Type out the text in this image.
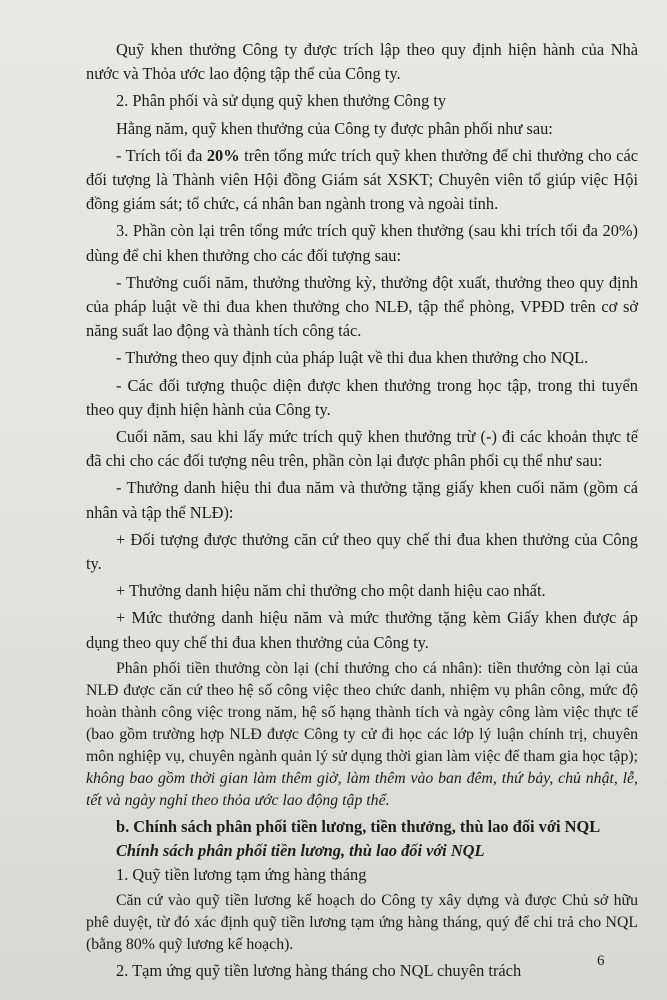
Quỹ khen thưởng Công ty được trích lập theo quy định hiện hành của Nhà nước và Thỏa ước lao động tập thể của Công ty.

2. Phân phối và sử dụng quỹ khen thưởng Công ty

Hằng năm, quỹ khen thưởng của Công ty được phân phối như sau:

- Trích tối đa 20% trên tổng mức trích quỹ khen thưởng để chi thưởng cho các đối tượng là Thành viên Hội đồng Giám sát XSKT; Chuyên viên tổ giúp việc Hội đồng giám sát; tổ chức, cá nhân ban ngành trong và ngoài tỉnh.

3. Phần còn lại trên tổng mức trích quỹ khen thưởng (sau khi trích tối đa 20%) dùng để chi khen thưởng cho các đối tượng sau:

- Thưởng cuối năm, thưởng thường kỳ, thưởng đột xuất, thưởng theo quy định của pháp luật về thi đua khen thưởng cho NLĐ, tập thể phòng, VPĐD trên cơ sở năng suất lao động và thành tích công tác.

- Thưởng theo quy định của pháp luật về thi đua khen thưởng cho NQL.

- Các đối tượng thuộc diện được khen thưởng trong học tập, trong thi tuyển theo quy định hiện hành của Công ty.

Cuối năm, sau khi lấy mức trích quỹ khen thưởng trừ (-) đi các khoản thực tế đã chi cho các đối tượng nêu trên, phần còn lại được phân phối cụ thể như sau:

- Thưởng danh hiệu thi đua năm và thưởng tặng giấy khen cuối năm (gồm cá nhân và tập thể NLĐ):

+ Đối tượng được thưởng căn cứ theo quy chế thi đua khen thưởng của Công ty.

+ Thưởng danh hiệu năm chỉ thưởng cho một danh hiệu cao nhất.

+ Mức thưởng danh hiệu năm và mức thưởng tặng kèm Giấy khen được áp dụng theo quy chế thi đua khen thưởng của Công ty.

Phân phối tiền thưởng còn lại (chỉ thưởng cho cá nhân): tiền thưởng còn lại của NLĐ được căn cứ theo hệ số công việc theo chức danh, nhiệm vụ phân công, mức độ hoàn thành công việc trong năm, hệ số hạng thành tích và ngày công làm việc thực tế (bao gồm trường hợp NLĐ được Công ty cử đi học các lớp lý luận chính trị, chuyên môn nghiệp vụ, chuyên ngành quản lý sử dụng thời gian làm việc để tham gia học tập); không bao gồm thời gian làm thêm giờ, làm thêm vào ban đêm, thứ bảy, chủ nhật, lễ, tết và ngày nghỉ theo thỏa ước lao động tập thể.

b. Chính sách phân phối tiền lương, tiền thưởng, thù lao đối với NQL

Chính sách phân phối tiền lương, thù lao đối với NQL

1. Quỹ tiền lương tạm ứng hàng tháng

Căn cứ vào quỹ tiền lương kế hoạch do Công ty xây dựng và được Chủ sở hữu phê duyệt, từ đó xác định quỹ tiền lương tạm ứng hàng tháng, quý để chi trả cho NQL (bằng 80% quỹ lương kế hoạch).

2. Tạm ứng quỹ tiền lương hàng tháng cho NQL chuyên trách

6
